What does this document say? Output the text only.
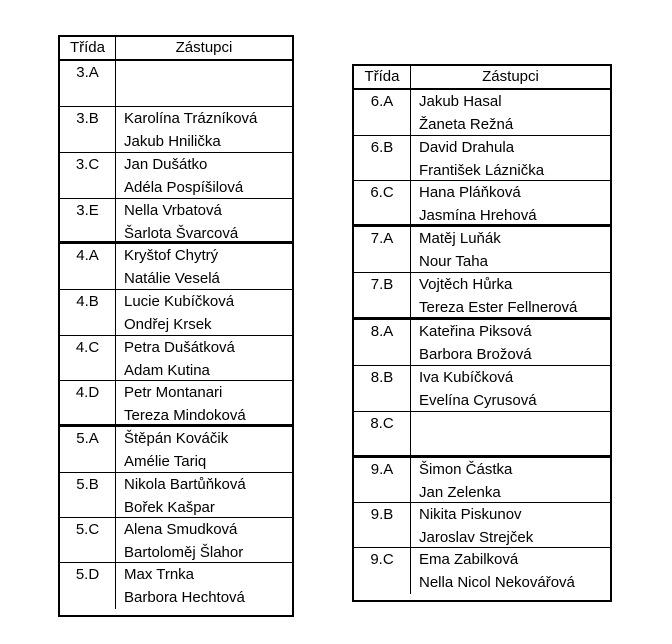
Třída	Zástupci
3.A
3.B	Karolína Trázníková
Jakub Hnilička
3.C	Jan Dušátko
Adéla Pospíšilová
3.E	Nella Vrbatová
Šarlota Švarcová
4.A	Kryštof Chytrý
Natálie Veselá
4.B	Lucie Kubíčková
Ondřej Krsek
4.C	Petra Dušátková
Adam Kutina
4.D	Petr Montanari
Tereza Mindoková
5.A	Štěpán Kováčik
Amélie Tariq
5.B	Nikola Bartůňková
Bořek Kašpar
5.C	Alena Smudková
Bartoloměj Šlahor
5.D	Max Trnka
Barbora Hechtová
Třída	Zástupci
6.A	Jakub Hasal
Žaneta Režná
6.B	David Drahula
František Láznička
6.C	Hana Pláňková
Jasmína Hrehová
7.A	Matěj Luňák
Nour Taha
7.B	Vojtěch Hůrka
Tereza Ester Fellnerová
8.A	Kateřina Piksová
Barbora Brožová
8.B	Iva Kubíčková
Evelína Cyrusová
8.C
9.A	Šimon Částka
Jan Zelenka
9.B	Nikita Piskunov
Jaroslav Strejček
9.C	Ema Zabilková
Nella Nicol Nekovářová
